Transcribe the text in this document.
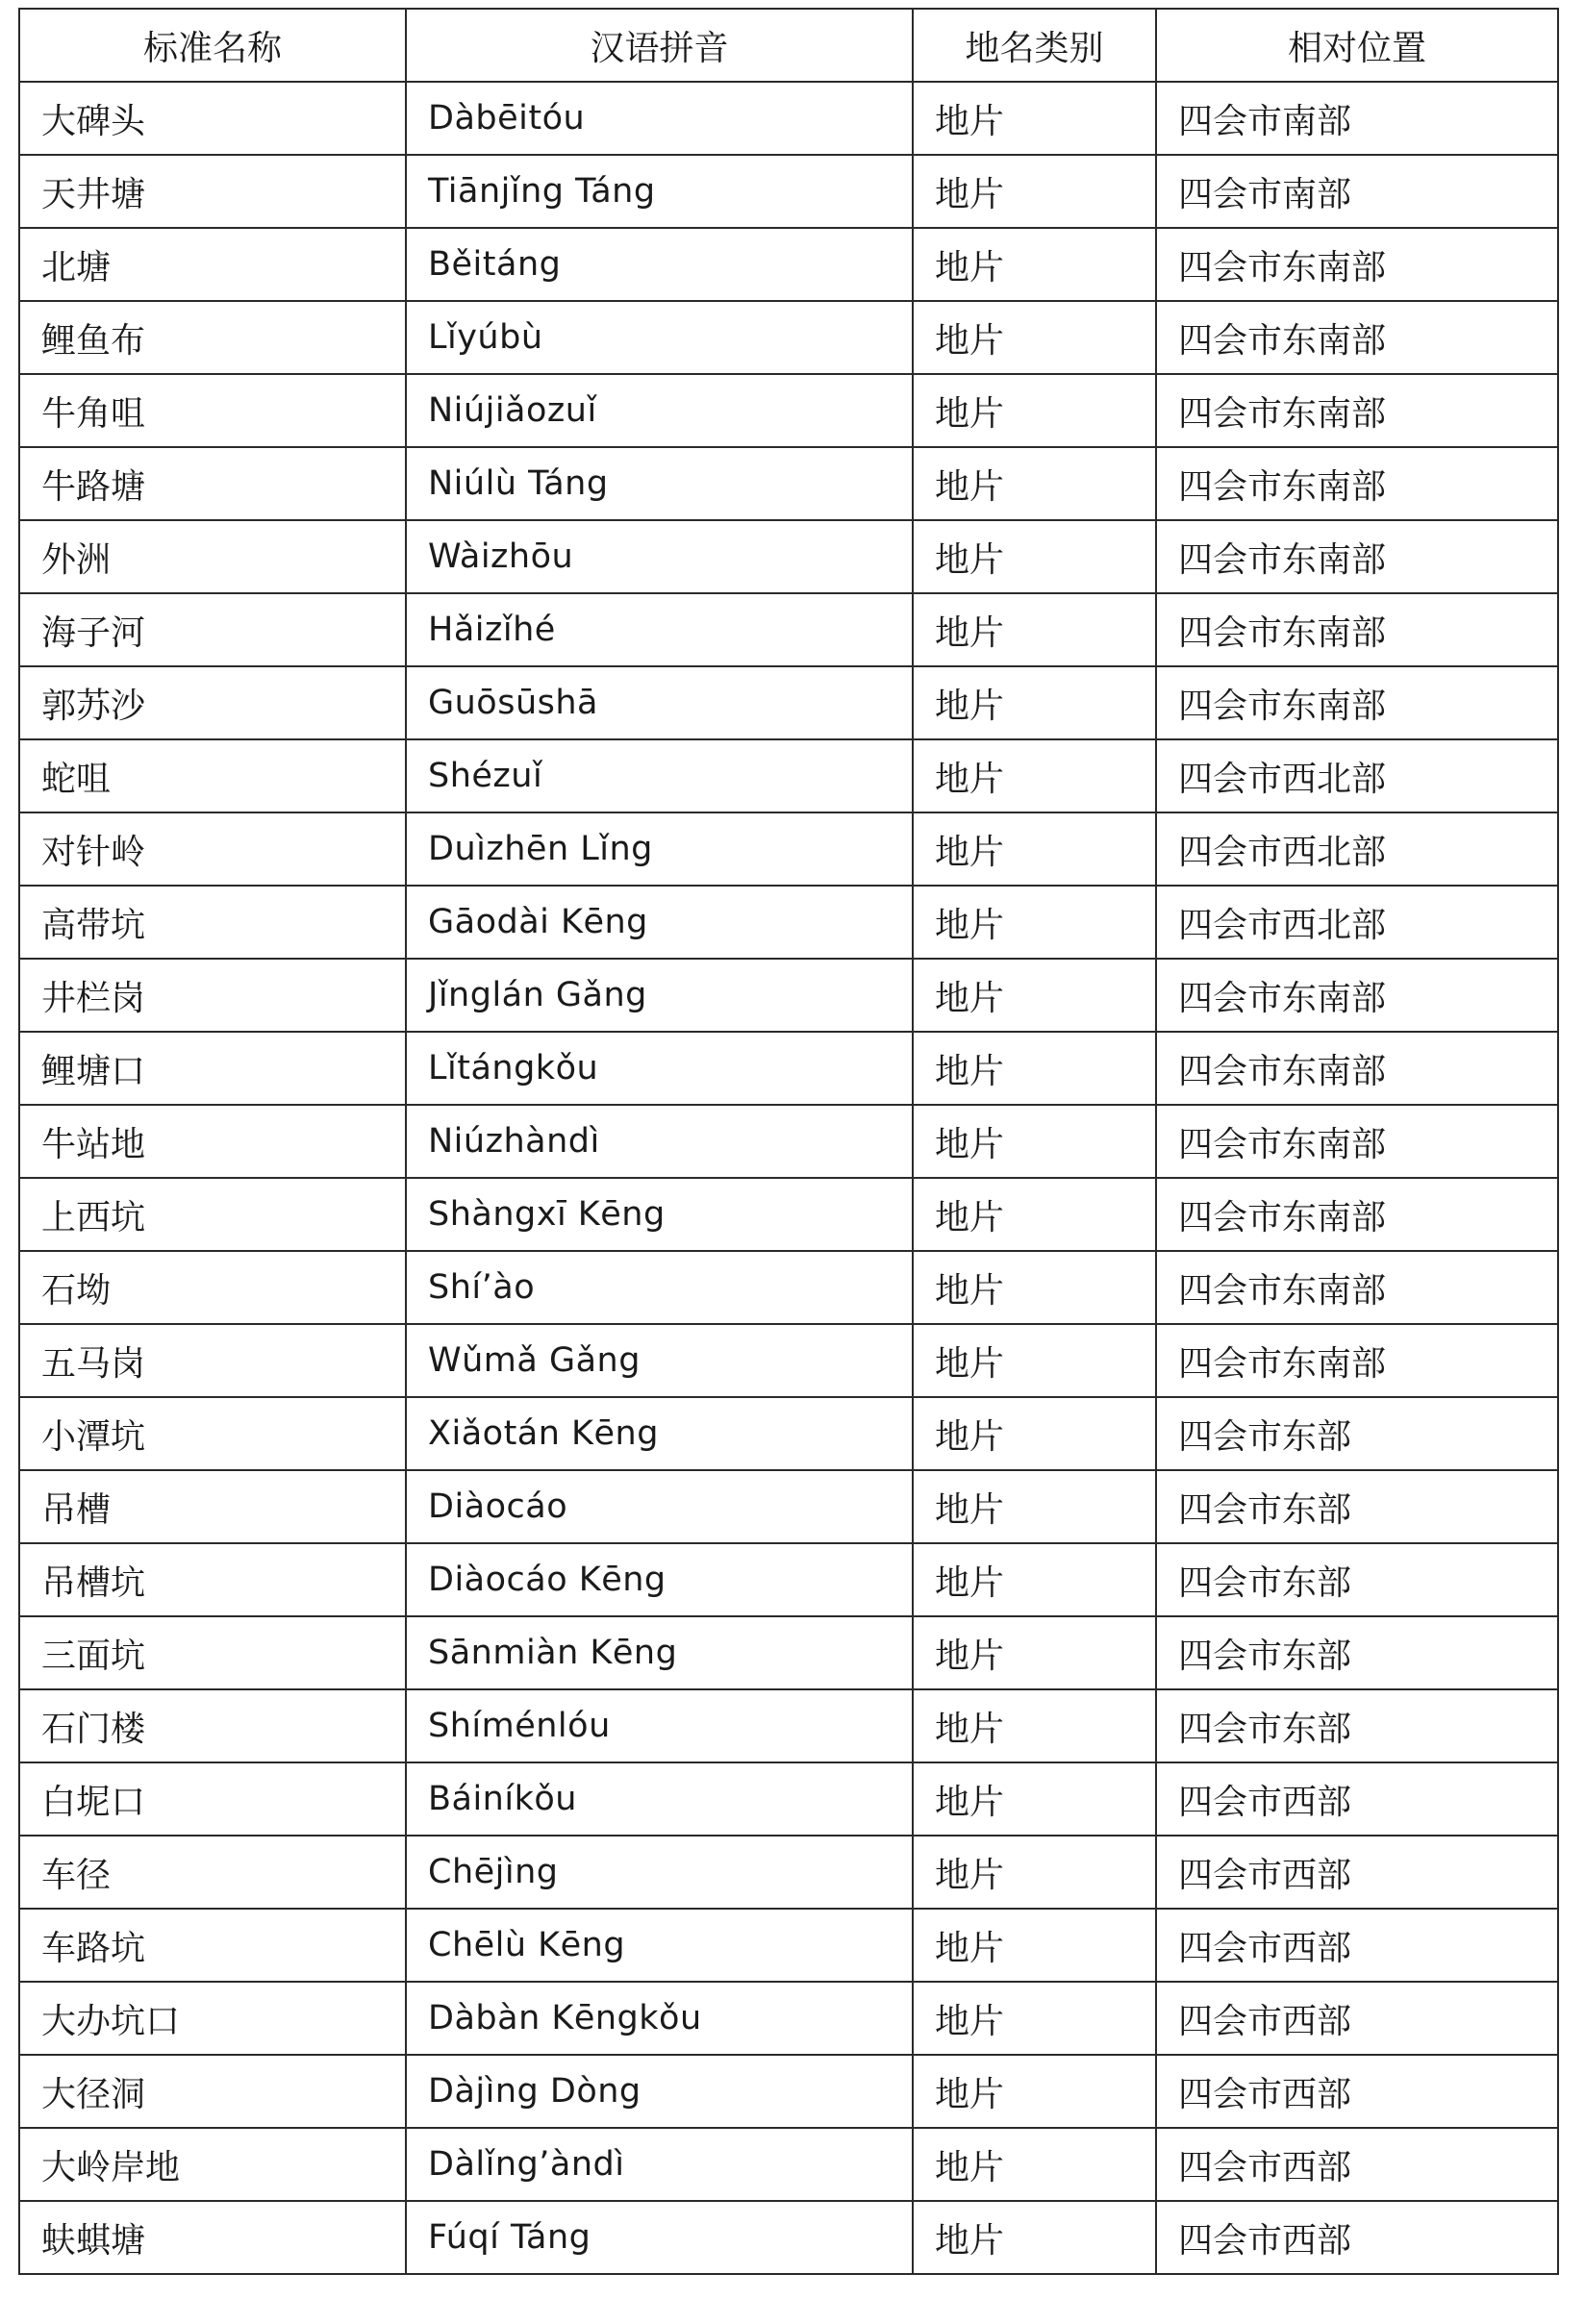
标准名称	汉语拼音	地名类别	相对位置
大碑头	Dàbēitóu	地片	四会市南部
天井塘	Tiānjǐng Táng	地片	四会市南部
北塘	Běitáng	地片	四会市东南部
鲤鱼布	Lǐyúbù	地片	四会市东南部
牛角咀	Niújiǎozuǐ	地片	四会市东南部
牛路塘	Niúlù Táng	地片	四会市东南部
外洲	Wàizhōu	地片	四会市东南部
海子河	Hǎizǐhé	地片	四会市东南部
郭苏沙	Guōsūshā	地片	四会市东南部
蛇咀	Shézuǐ	地片	四会市西北部
对针岭	Duìzhēn Lǐng	地片	四会市西北部
高带坑	Gāodài Kēng	地片	四会市西北部
井栏岗	Jǐnglán Gǎng	地片	四会市东南部
鲤塘口	Lǐtángkǒu	地片	四会市东南部
牛站地	Niúzhàndì	地片	四会市东南部
上西坑	Shàngxī Kēng	地片	四会市东南部
石坳	Shí’ào	地片	四会市东南部
五马岗	Wǔmǎ Gǎng	地片	四会市东南部
小潭坑	Xiǎotán Kēng	地片	四会市东部
吊槽	Diàocáo	地片	四会市东部
吊槽坑	Diàocáo Kēng	地片	四会市东部
三面坑	Sānmiàn Kēng	地片	四会市东部
石门楼	Shíménlóu	地片	四会市东部
白坭口	Báiníkǒu	地片	四会市西部
车径	Chējìng	地片	四会市西部
车路坑	Chēlù Kēng	地片	四会市西部
大办坑口	Dàbàn Kēngkǒu	地片	四会市西部
大径洞	Dàjìng Dòng	地片	四会市西部
大岭岸地	Dàlǐng’àndì	地片	四会市西部
蚨蜞塘	Fúqí Táng	地片	四会市西部
